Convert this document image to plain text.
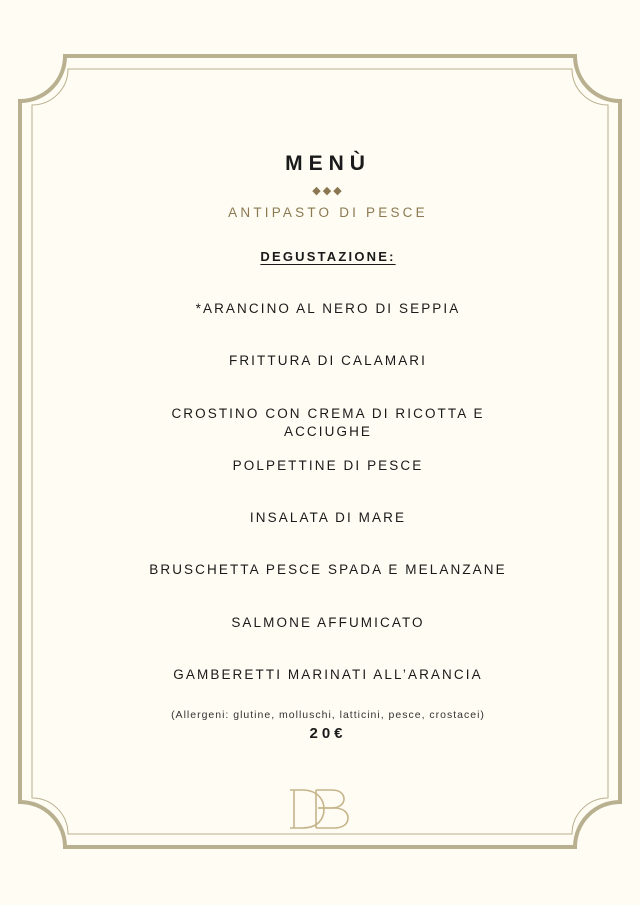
MENÙ
◆◆◆
ANTIPASTO DI PESCE
DEGUSTAZIONE:
*ARANCINO AL NERO DI SEPPIA
FRITTURA DI CALAMARI
CROSTINO CON CREMA DI RICOTTA E ACCIUGHE
POLPETTINE DI PESCE
INSALATA DI MARE
BRUSCHETTA PESCE SPADA E MELANZANE
SALMONE AFFUMICATO
GAMBERETTI MARINATI ALL’ARANCIA
(Allergeni: glutine, molluschi, latticini, pesce, crostacei)
20€
